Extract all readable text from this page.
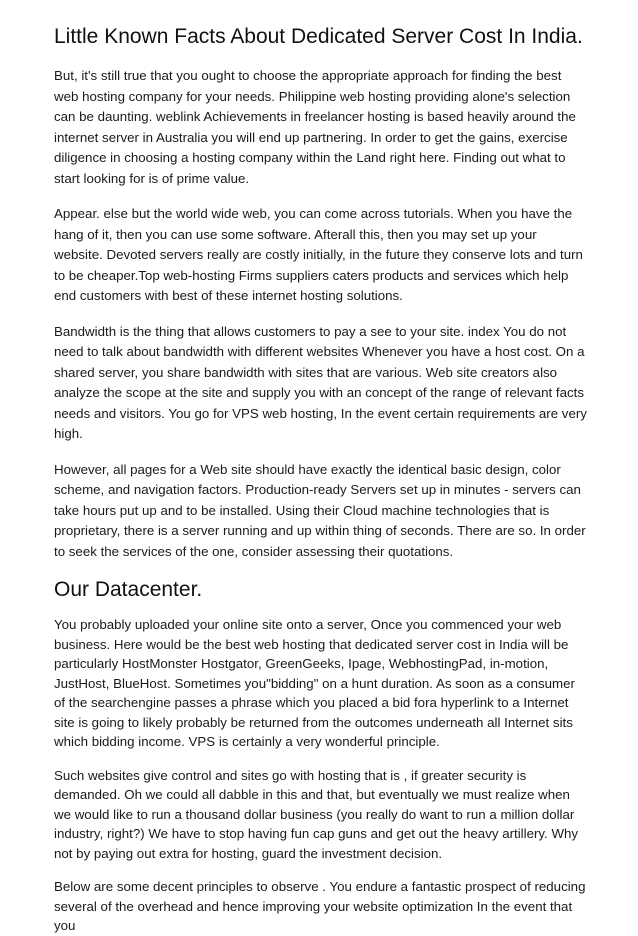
Little Known Facts About Dedicated Server Cost In India.

But, it's still true that you ought to choose the appropriate approach for finding the best web hosting company for your needs. Philippine web hosting providing alone's selection can be daunting. weblink Achievements in freelancer hosting is based heavily around the internet server in Australia you will end up partnering. In order to get the gains, exercise diligence in choosing a hosting company within the Land right here. Finding out what to start looking for is of prime value.

Appear. else but the world wide web, you can come across tutorials. When you have the hang of it, then you can use some software. Afterall this, then you may set up your website. Devoted servers really are costly initially, in the future they conserve lots and turn to be cheaper.Top web-hosting Firms suppliers caters products and services which help end customers with best of these internet hosting solutions.

Bandwidth is the thing that allows customers to pay a see to your site. index You do not need to talk about bandwidth with different websites Whenever you have a host cost. On a shared server, you share bandwidth with sites that are various. Web site creators also analyze the scope at the site and supply you with an concept of the range of relevant facts needs and visitors. You go for VPS web hosting, In the event certain requirements are very high.

However, all pages for a Web site should have exactly the identical basic design, color scheme, and navigation factors. Production-ready Servers set up in minutes - servers can take hours put up and to be installed. Using their Cloud machine technologies that is proprietary, there is a server running and up within thing of seconds. There are so. In order to seek the services of the one, consider assessing their quotations.

Our Datacenter.

You probably uploaded your online site onto a server, Once you commenced your web business. Here would be the best web hosting that dedicated server cost in India will be particularly HostMonster Hostgator, GreenGeeks, Ipage, WebhostingPad, in-motion, JustHost, BlueHost. Sometimes you"bidding" on a hunt duration. As soon as a consumer of the searchengine passes a phrase which you placed a bid fora hyperlink to a Internet site is going to likely probably be returned from the outcomes underneath all Internet sits which bidding income. VPS is certainly a very wonderful principle.

Such websites give control and sites go with hosting that is , if greater security is demanded. Oh we could all dabble in this and that, but eventually we must realize when we would like to run a thousand dollar business (you really do want to run a million dollar industry, right?) We have to stop having fun cap guns and get out the heavy artillery. Why not by paying out extra for hosting, guard the investment decision.

Below are some decent principles to observe . You endure a fantastic prospect of reducing several of the overhead and hence improving your website optimization In the event that you
